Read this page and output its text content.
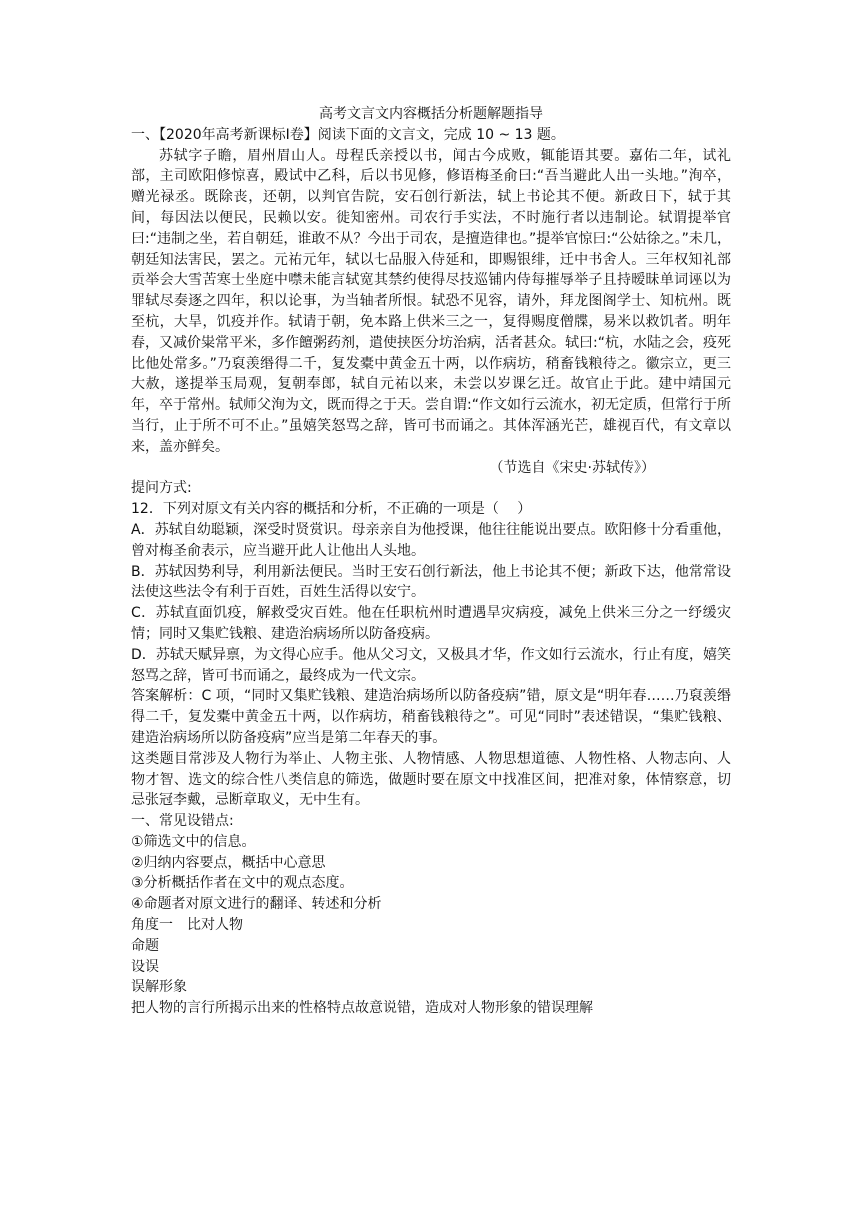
高考文言文内容概括分析题解题指导

一、【2020年高考新课标Ⅰ卷】阅读下面的文言文，完成 10 ~ 13 题。

苏轼字子瞻，眉州眉山人。母程氏亲授以书，闻古今成败，辄能语其要。嘉佑二年，试礼部，主司欧阳修惊喜，殿试中乙科，后以书见修，修语梅圣俞曰:“吾当避此人出一头地。”洵卒，赠光禄丞。既除丧，还朝，以判官告院，安石创行新法，轼上书论其不便。新政日下，轼于其间，每因法以便民，民赖以安。徙知密州。司农行手实法，不时施行者以违制论。轼谓提举官曰:“违制之坐，若自朝廷，谁敢不从？今出于司农，是擅造律也。”提举官惊曰:“公姑徐之。”未几，朝廷知法害民，罢之。元祐元年，轼以七品服入侍延和，即赐银绯，迁中书舍人。三年权知礼部贡举会大雪苦寒士坐庭中噤未能言轼宽其禁约使得尽技巡铺内侍每摧辱举子且持暧昧单词诬以为罪轼尽奏逐之四年，积以论事，为当轴者所恨。轼恐不见容，请外，拜龙图阁学士、知杭州。既至杭，大旱，饥疫并作。轼请于朝，免本路上供米三之一，复得赐度僧牒，易米以救饥者。明年春，又减价粜常平米，多作饘粥药剂，遣使挟医分坊治病，活者甚众。轼曰:“杭，水陆之会，疫死比他处常多。”乃裒羡缗得二千，复发橐中黄金五十两，以作病坊，稍畜钱粮待之。徽宗立，更三大赦，遂提举玉局观，复朝奉郎，轼自元祐以来，未尝以岁课乞迁。故官止于此。建中靖国元年，卒于常州。轼师父洵为文，既而得之于天。尝自谓:“作文如行云流水，初无定质，但常行于所当行，止于所不可不止。”虽嬉笑怒骂之辞，皆可书而诵之。其体浑涵光芒，雄视百代，有文章以来，盖亦鲜矣。

（节选自《宋史·苏轼传》）

提问方式:

12．下列对原文有关内容的概括和分析，不正确的一项是（　 ）

A．苏轼自幼聪颖，深受时贤赏识。母亲亲自为他授课，他往往能说出要点。欧阳修十分看重他，曾对梅圣俞表示，应当避开此人让他出人头地。

B．苏轼因势利导，利用新法便民。当时王安石创行新法，他上书论其不便；新政下达，他常常设法使这些法令有利于百姓，百姓生活得以安宁。

C．苏轼直面饥疫，解救受灾百姓。他在任职杭州时遭遇旱灾病疫，减免上供米三分之一纾缓灾情；同时又集贮钱粮、建造治病场所以防备疫病。

D．苏轼天赋异禀，为文得心应手。他从父习文，又极具才华，作文如行云流水，行止有度，嬉笑怒骂之辞，皆可书而诵之，最终成为一代文宗。

答案解析：C 项，“同时又集贮钱粮、建造治病场所以防备疫病”错，原文是“明年春……乃裒羡缗得二千，复发橐中黄金五十两，以作病坊，稍畜钱粮待之”。可见“同时”表述错误，“集贮钱粮、建造治病场所以防备疫病”应当是第二年春天的事。

这类题目常涉及人物行为举止、人物主张、人物情感、人物思想道德、人物性格、人物志向、人物才智、选文的综合性八类信息的筛选，做题时要在原文中找准区间，把准对象，体情察意，切忌张冠李戴，忌断章取义，无中生有。

一、常见设错点:

①筛选文中的信息。

②归纳内容要点，概括中心意思

③分析概括作者在文中的观点态度。

④命题者对原文进行的翻译、转述和分析

角度一　比对人物

命题

设误

误解形象

把人物的言行所揭示出来的性格特点故意说错，造成对人物形象的错误理解
